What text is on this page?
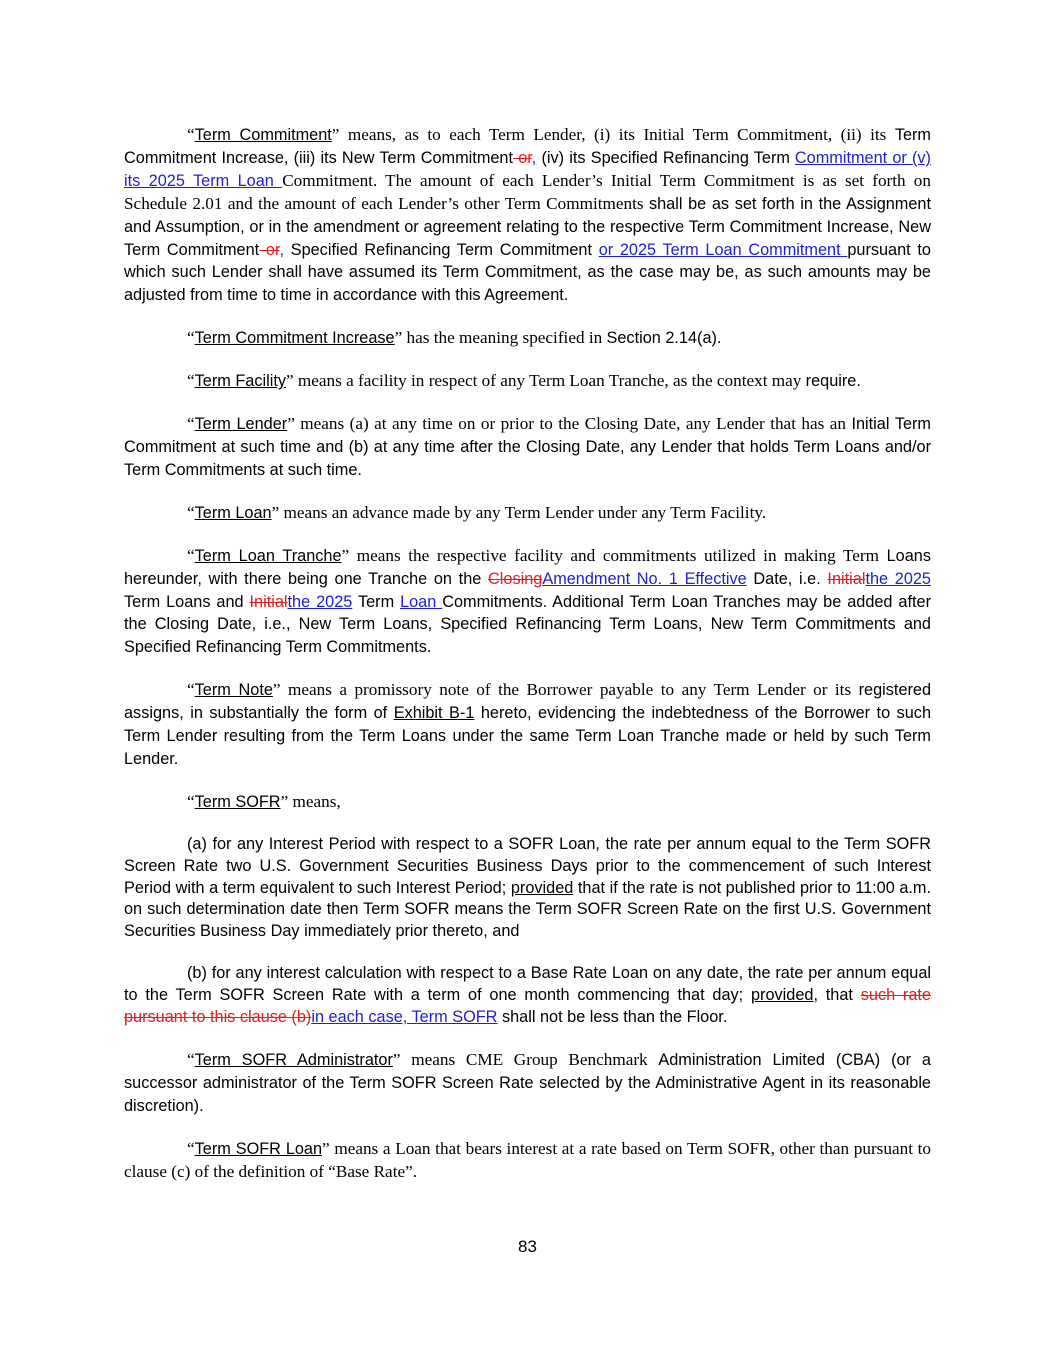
“Term Commitment” means, as to each Term Lender, (i) its Initial Term Commitment, (ii) its Term Commitment Increase, (iii) its New Term Commitment or, (iv) its Specified Refinancing Term Commitment or (v) its 2025 Term Loan Commitment. The amount of each Lender’s Initial Term Commitment is as set forth on Schedule 2.01 and the amount of each Lender’s other Term Commitments shall be as set forth in the Assignment and Assumption, or in the amendment or agreement relating to the respective Term Commitment Increase, New Term Commitment or, Specified Refinancing Term Commitment or 2025 Term Loan Commitment pursuant to which such Lender shall have assumed its Term Commitment, as the case may be, as such amounts may be adjusted from time to time in accordance with this Agreement.

“Term Commitment Increase” has the meaning specified in Section 2.14(a).

“Term Facility” means a facility in respect of any Term Loan Tranche, as the context may require.

“Term Lender” means (a) at any time on or prior to the Closing Date, any Lender that has an Initial Term Commitment at such time and (b) at any time after the Closing Date, any Lender that holds Term Loans and/or Term Commitments at such time.

“Term Loan” means an advance made by any Term Lender under any Term Facility.

“Term Loan Tranche” means the respective facility and commitments utilized in making Term Loans hereunder, with there being one Tranche on the ClosingAmendment No. 1 Effective Date, i.e. Initialthe 2025 Term Loans and Initialthe 2025 Term Loan Commitments. Additional Term Loan Tranches may be added after the Closing Date, i.e., New Term Loans, Specified Refinancing Term Loans, New Term Commitments and Specified Refinancing Term Commitments.

“Term Note” means a promissory note of the Borrower payable to any Term Lender or its registered assigns, in substantially the form of Exhibit B-1 hereto, evidencing the indebtedness of the Borrower to such Term Lender resulting from the Term Loans under the same Term Loan Tranche made or held by such Term Lender.

“Term SOFR” means,

(a) for any Interest Period with respect to a SOFR Loan, the rate per annum equal to the Term SOFR Screen Rate two U.S. Government Securities Business Days prior to the commencement of such Interest Period with a term equivalent to such Interest Period; provided that if the rate is not published prior to 11:00 a.m. on such determination date then Term SOFR means the Term SOFR Screen Rate on the first U.S. Government Securities Business Day immediately prior thereto, and

(b) for any interest calculation with respect to a Base Rate Loan on any date, the rate per annum equal to the Term SOFR Screen Rate with a term of one month commencing that day; provided, that such rate pursuant to this clause (b)in each case, Term SOFR shall not be less than the Floor.

“Term SOFR Administrator” means CME Group Benchmark Administration Limited (CBA) (or a successor administrator of the Term SOFR Screen Rate selected by the Administrative Agent in its reasonable discretion).

“Term SOFR Loan” means a Loan that bears interest at a rate based on Term SOFR, other than pursuant to clause (c) of the definition of “Base Rate”.

83
